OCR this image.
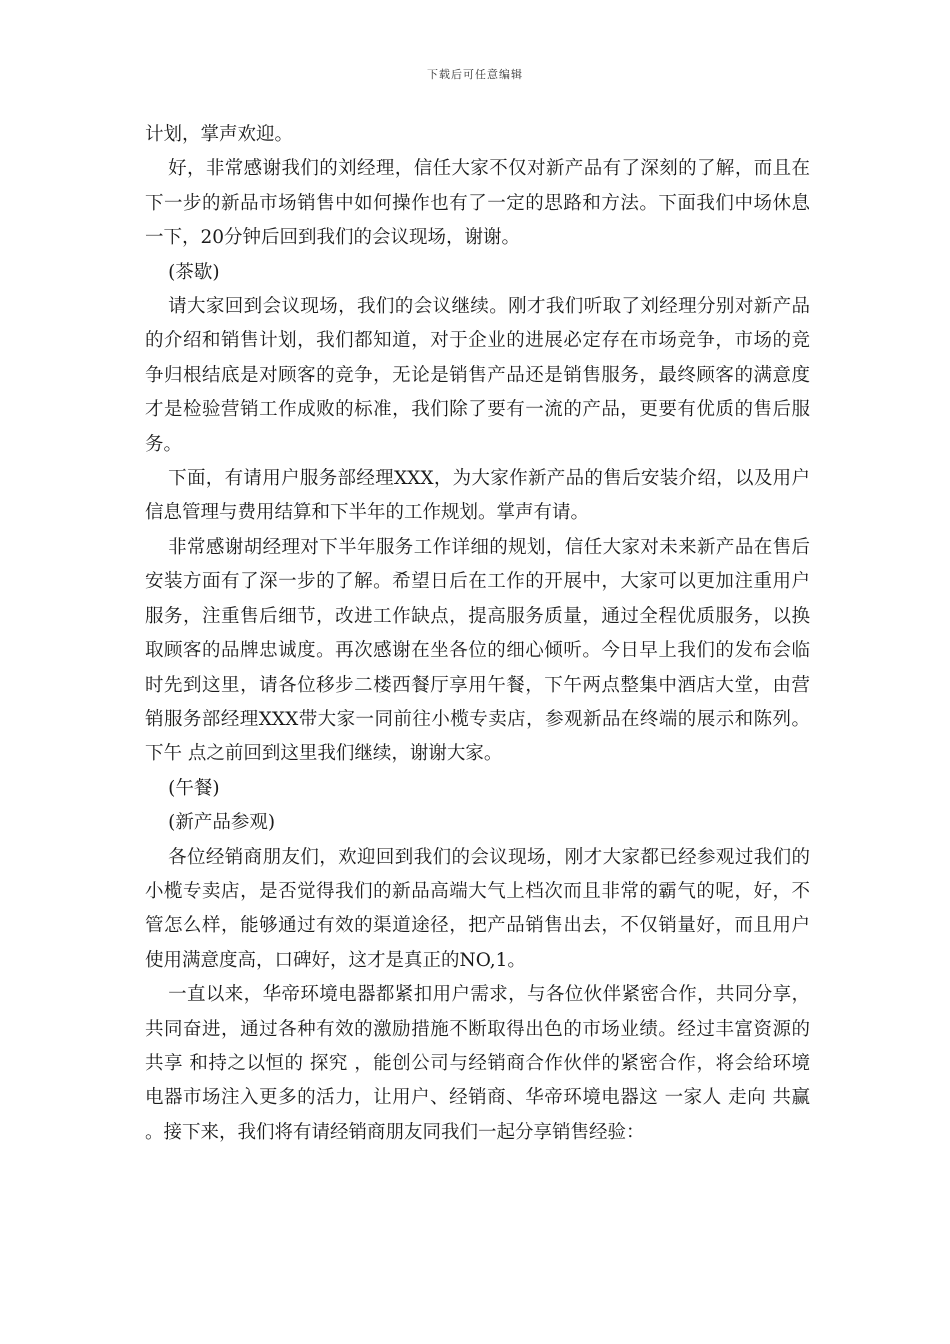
下载后可任意编辑

计划，掌声欢迎。

好，非常感谢我们的刘经理，信任大家不仅对新产品有了深刻的了解，而且在下一步的新品市场销售中如何操作也有了一定的思路和方法。下面我们中场休息一下，20分钟后回到我们的会议现场，谢谢。

(茶歇)

请大家回到会议现场，我们的会议继续。刚才我们听取了刘经理分别对新产品的介绍和销售计划，我们都知道，对于企业的进展必定存在市场竞争，市场的竞争归根结底是对顾客的竞争，无论是销售产品还是销售服务，最终顾客的满意度才是检验营销工作成败的标准，我们除了要有一流的产品，更要有优质的售后服务。

下面，有请用户服务部经理XXX，为大家作新产品的售后安装介绍，以及用户信息管理与费用结算和下半年的工作规划。掌声有请。

非常感谢胡经理对下半年服务工作详细的规划，信任大家对未来新产品在售后安装方面有了深一步的了解。希望日后在工作的开展中，大家可以更加注重用户服务，注重售后细节，改进工作缺点，提高服务质量，通过全程优质服务，以换取顾客的品牌忠诚度。再次感谢在坐各位的细心倾听。今日早上我们的发布会临时先到这里，请各位移步二楼西餐厅享用午餐，下午两点整集中酒店大堂，由营销服务部经理XXX带大家一同前往小榄专卖店，参观新品在终端的展示和陈列。下午 点之前回到这里我们继续，谢谢大家。

(午餐)

(新产品参观)

各位经销商朋友们，欢迎回到我们的会议现场，刚才大家都已经参观过我们的小榄专卖店，是否觉得我们的新品高端大气上档次而且非常的霸气的呢，好，不管怎么样，能够通过有效的渠道途径，把产品销售出去，不仅销量好，而且用户使用满意度高，口碑好，这才是真正的NO,1。

一直以来，华帝环境电器都紧扣用户需求，与各位伙伴紧密合作，共同分享，共同奋进，通过各种有效的激励措施不断取得出色的市场业绩。经过丰富资源的 共享 和持之以恒的 探究 ，能创公司与经销商合作伙伴的紧密合作，将会给环境电器市场注入更多的活力，让用户、经销商、华帝环境电器这 一家人 走向 共赢 。接下来，我们将有请经销商朋友同我们一起分享销售经验：
